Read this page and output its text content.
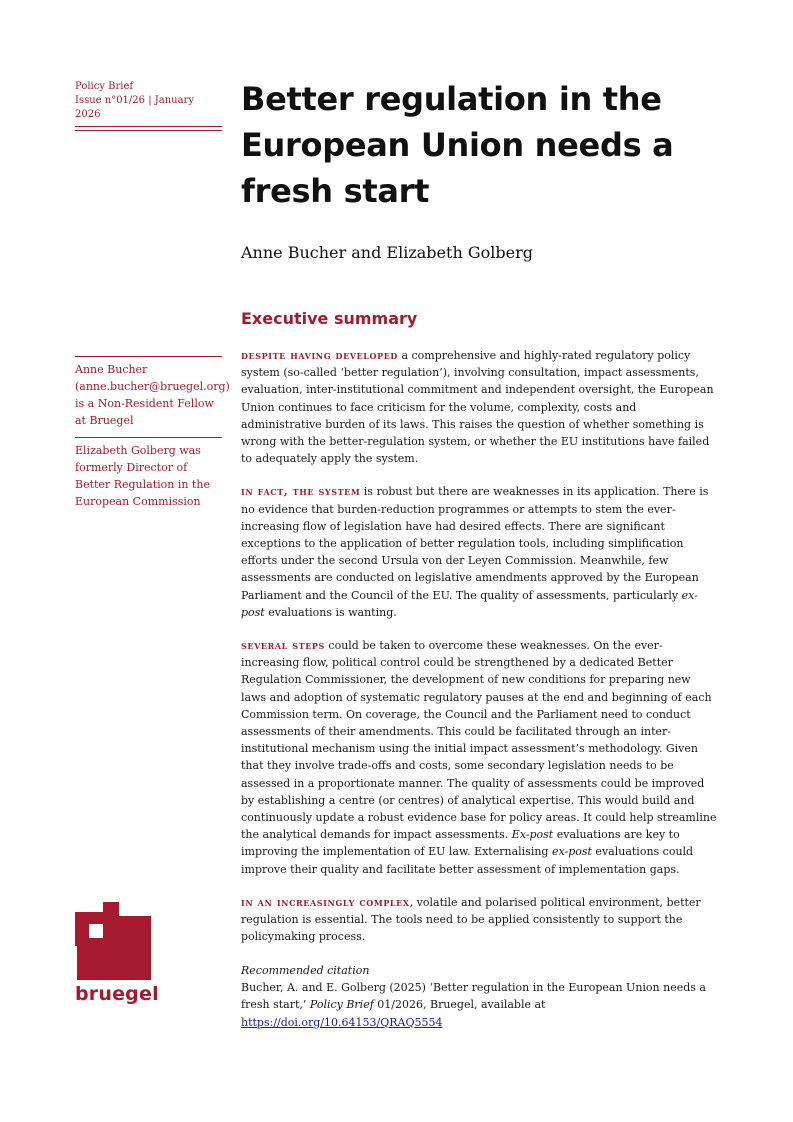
Policy Brief
Issue n°01/26 | January 2026	Better regulation in the European Union needs a fresh start
Anne Bucher and Elizabeth Golberg
Executive summary
Anne Bucher (anne.bucher@bruegel.org) is a Non-Resident Fellow at Bruegel
Elizabeth Golberg was formerly Director of Better Regulation in the European Commission

despite having developed a comprehensive and highly-rated regulatory policy system (so-called ‘better regulation’), involving consultation, impact assessments, evaluation, inter-institutional commitment and independent oversight, the European Union continues to face criticism for the volume, complexity, costs and administrative burden of its laws. This raises the question of whether something is wrong with the better-regulation system, or whether the EU institutions have failed to adequately apply the system.

in fact, the system is robust but there are weaknesses in its application. There is no evidence that burden-reduction programmes or attempts to stem the ever-increasing flow of legislation have had desired effects. There are significant exceptions to the application of better regulation tools, including simplification efforts under the second Ursula von der Leyen Commission. Meanwhile, few assessments are conducted on legislative amendments approved by the European Parliament and the Council of the EU. The quality of assessments, particularly ex-post evaluations is wanting.

several steps could be taken to overcome these weaknesses. On the ever-increasing flow, political control could be strengthened by a dedicated Better Regulation Commissioner, the development of new conditions for preparing new laws and adoption of systematic regulatory pauses at the end and beginning of each Commission term. On coverage, the Council and the Parliament need to conduct assessments of their amendments. This could be facilitated through an inter-institutional mechanism using the initial impact assessment’s methodology. Given that they involve trade-offs and costs, some secondary legislation needs to be assessed in a proportionate manner. The quality of assessments could be improved by establishing a centre (or centres) of analytical expertise. This would build and continuously update a robust evidence base for policy areas. It could help streamline the analytical demands for impact assessments. Ex-post evaluations are key to improving the implementation of EU law. Externalising ex-post evaluations could improve their quality and facilitate better assessment of implementation gaps.

in an increasingly complex, volatile and polarised political environment, better regulation is essential. The tools need to be applied consistently to support the policymaking process.

bruegel
Recommended citation
Bucher, A. and E. Golberg (2025) ‘Better regulation in the European Union needs a fresh start,’ Policy Brief 01/2026, Bruegel, available at https://doi.org/10.64153/QRAQ5554
